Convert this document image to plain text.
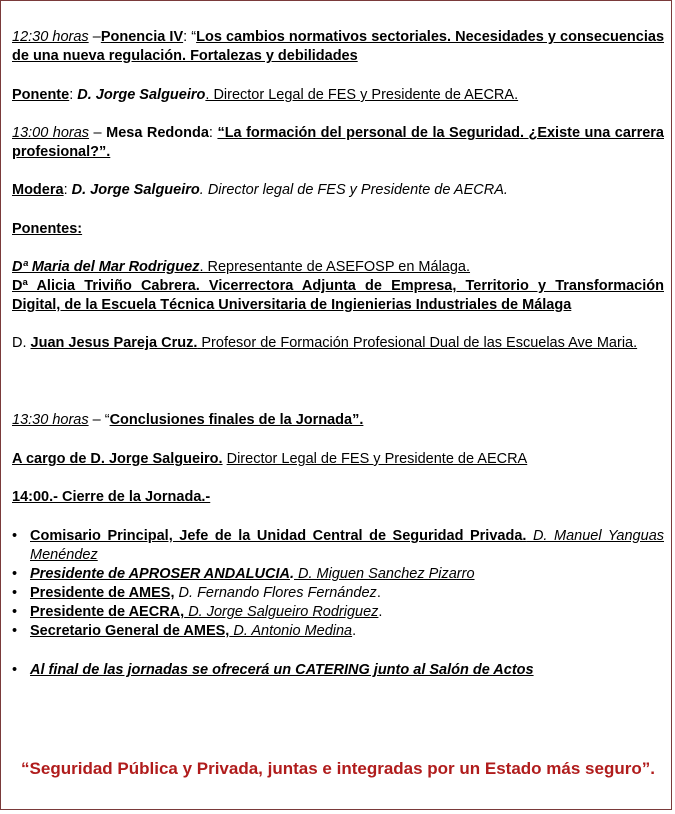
12:30 horas –Ponencia IV: “Los cambios normativos sectoriales. Necesidades y consecuencias de una nueva regulación. Fortalezas y debilidades

Ponente: D. Jorge Salgueiro. Director Legal de FES y Presidente de AECRA.

13:00 horas – Mesa Redonda: “La formación del personal de la Seguridad. ¿Existe una carrera profesional?”.

Modera: D. Jorge Salgueiro. Director legal de FES y Presidente de AECRA.

Ponentes:

Dª Maria del Mar Rodriguez. Representante de ASEFOSP en Málaga.

Dª Alicia Triviño Cabrera. Vicerrectora Adjunta de Empresa, Territorio y Transformación Digital, de la Escuela Técnica Universitaria de Ingienierias Industriales de Málaga

D. Juan Jesus Pareja Cruz. Profesor de Formación Profesional Dual de las Escuelas Ave Maria.

13:30 horas – “Conclusiones finales de la Jornada”.

A cargo de D. Jorge Salgueiro. Director Legal de FES y Presidente de AECRA

14:00.- Cierre de la Jornada.-

• Comisario Principal, Jefe de la Unidad Central de Seguridad Privada. D. Manuel Yanguas Menéndez
• Presidente de APROSER ANDALUCIA. D. Miguen Sanchez Pizarro
• Presidente de AMES, D. Fernando Flores Fernández.
• Presidente de AECRA, D. Jorge Salgueiro Rodriguez.
• Secretario General de AMES, D. Antonio Medina.
• Al final de las jornadas se ofrecerá un CATERING junto al Salón de Actos
“Seguridad Pública y Privada, juntas e integradas por un Estado más seguro”.
